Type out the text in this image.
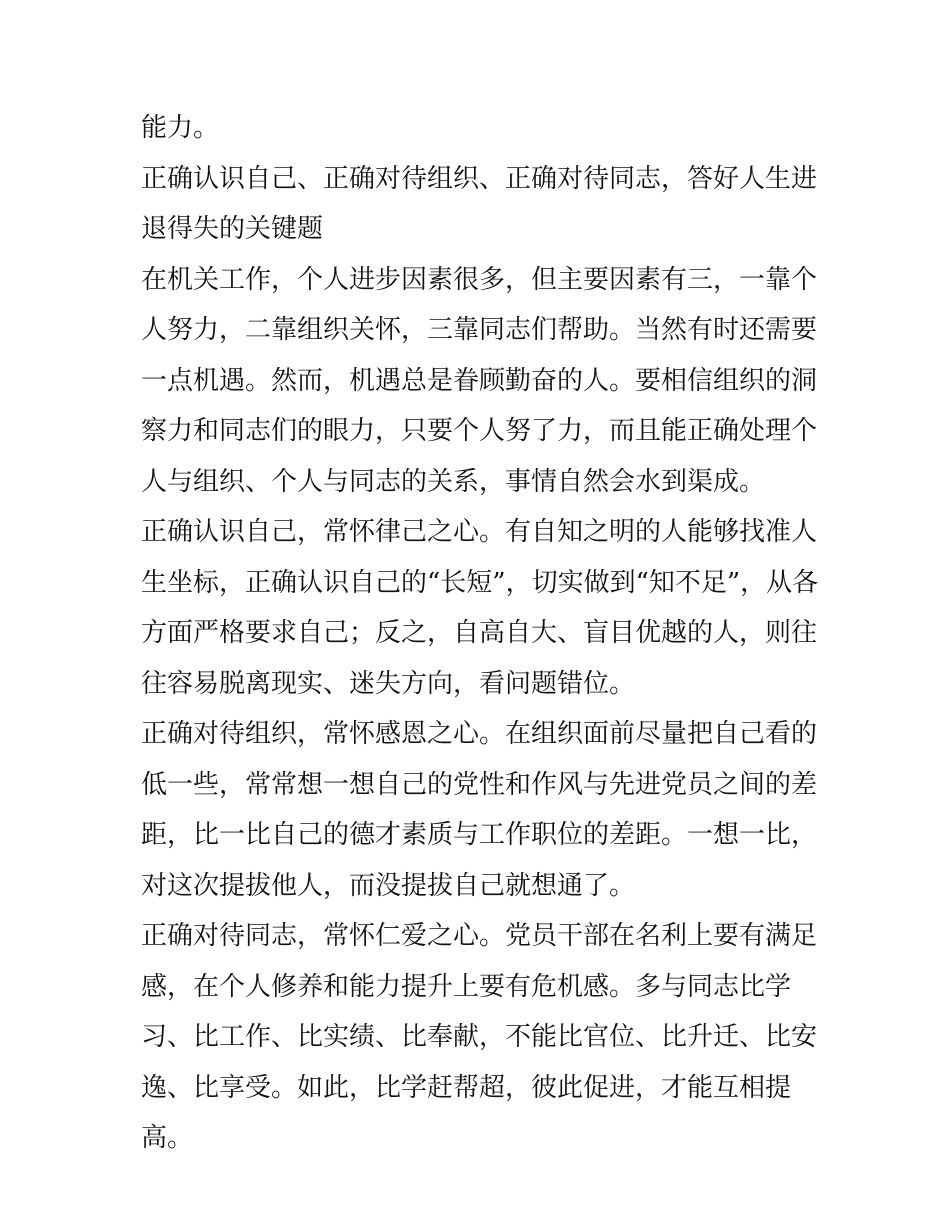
能力。

正确认识自己、正确对待组织、正确对待同志，答好人生进退得失的关键题

在机关工作，个人进步因素很多，但主要因素有三，一靠个人努力，二靠组织关怀，三靠同志们帮助。当然有时还需要一点机遇。然而，机遇总是眷顾勤奋的人。要相信组织的洞察力和同志们的眼力，只要个人努了力，而且能正确处理个人与组织、个人与同志的关系，事情自然会水到渠成。

正确认识自己，常怀律己之心。有自知之明的人能够找准人生坐标，正确认识自己的“长短”，切实做到“知不足”，从各方面严格要求自己；反之，自高自大、盲目优越的人，则往往容易脱离现实、迷失方向，看问题错位。

正确对待组织，常怀感恩之心。在组织面前尽量把自己看的低一些，常常想一想自己的党性和作风与先进党员之间的差距，比一比自己的德才素质与工作职位的差距。一想一比，对这次提拔他人，而没提拔自己就想通了。

正确对待同志，常怀仁爱之心。党员干部在名利上要有满足感，在个人修养和能力提升上要有危机感。多与同志比学习、比工作、比实绩、比奉献，不能比官位、比升迁、比安逸、比享受。如此，比学赶帮超，彼此促进，才能互相提高。
